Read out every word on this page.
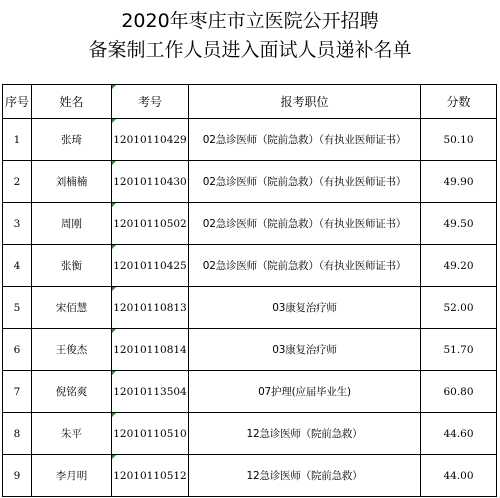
2020年枣庄市立医院公开招聘
备案制工作人员进入面试人员递补名单
序号	姓名	考号	报考职位	分数
1	张琦	12010110429	02急诊医师（院前急救）（有执业医师证书）	50.10
2	刘楠楠	12010110430	02急诊医师（院前急救）（有执业医师证书）	49.90
3	周刚	12010110502	02急诊医师（院前急救）（有执业医师证书）	49.50
4	张衡	12010110425	02急诊医师（院前急救）（有执业医师证书）	49.20
5	宋佰慧	12010110813	03康复治疗师	52.00
6	王俊杰	12010110814	03康复治疗师	51.70
7	倪铭爽	12010113504	07护理(应届毕业生)	60.80
8	朱平	12010110510	12急诊医师（院前急救）	44.60
9	李月明	12010110512	12急诊医师（院前急救）	44.00
